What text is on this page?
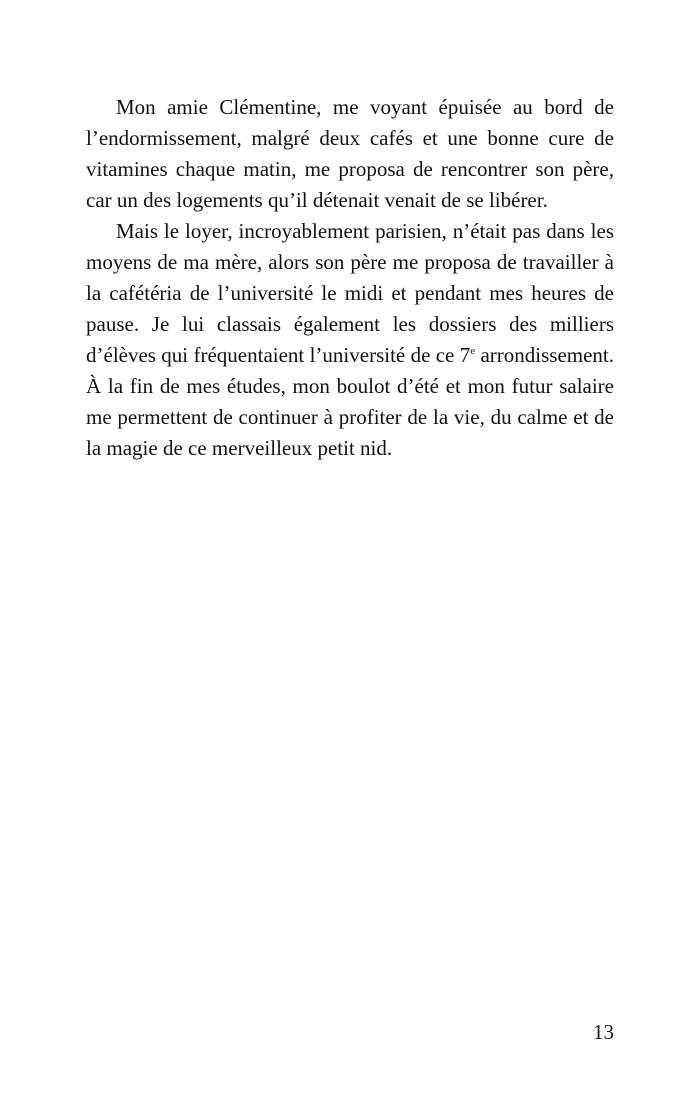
Mon amie Clémentine, me voyant épuisée au bord de l’endormissement, malgré deux cafés et une bonne cure de vitamines chaque matin, me proposa de rencontrer son père, car un des logements qu’il détenait venait de se libérer.

Mais le loyer, incroyablement parisien, n’était pas dans les moyens de ma mère, alors son père me proposa de travailler à la cafétéria de l’université le midi et pendant mes heures de pause. Je lui classais également les dossiers des milliers d’élèves qui fréquentaient l’université de ce 7e arrondissement. À la fin de mes études, mon boulot d’été et mon futur salaire me permettent de continuer à profiter de la vie, du calme et de la magie de ce merveilleux petit nid.

13
